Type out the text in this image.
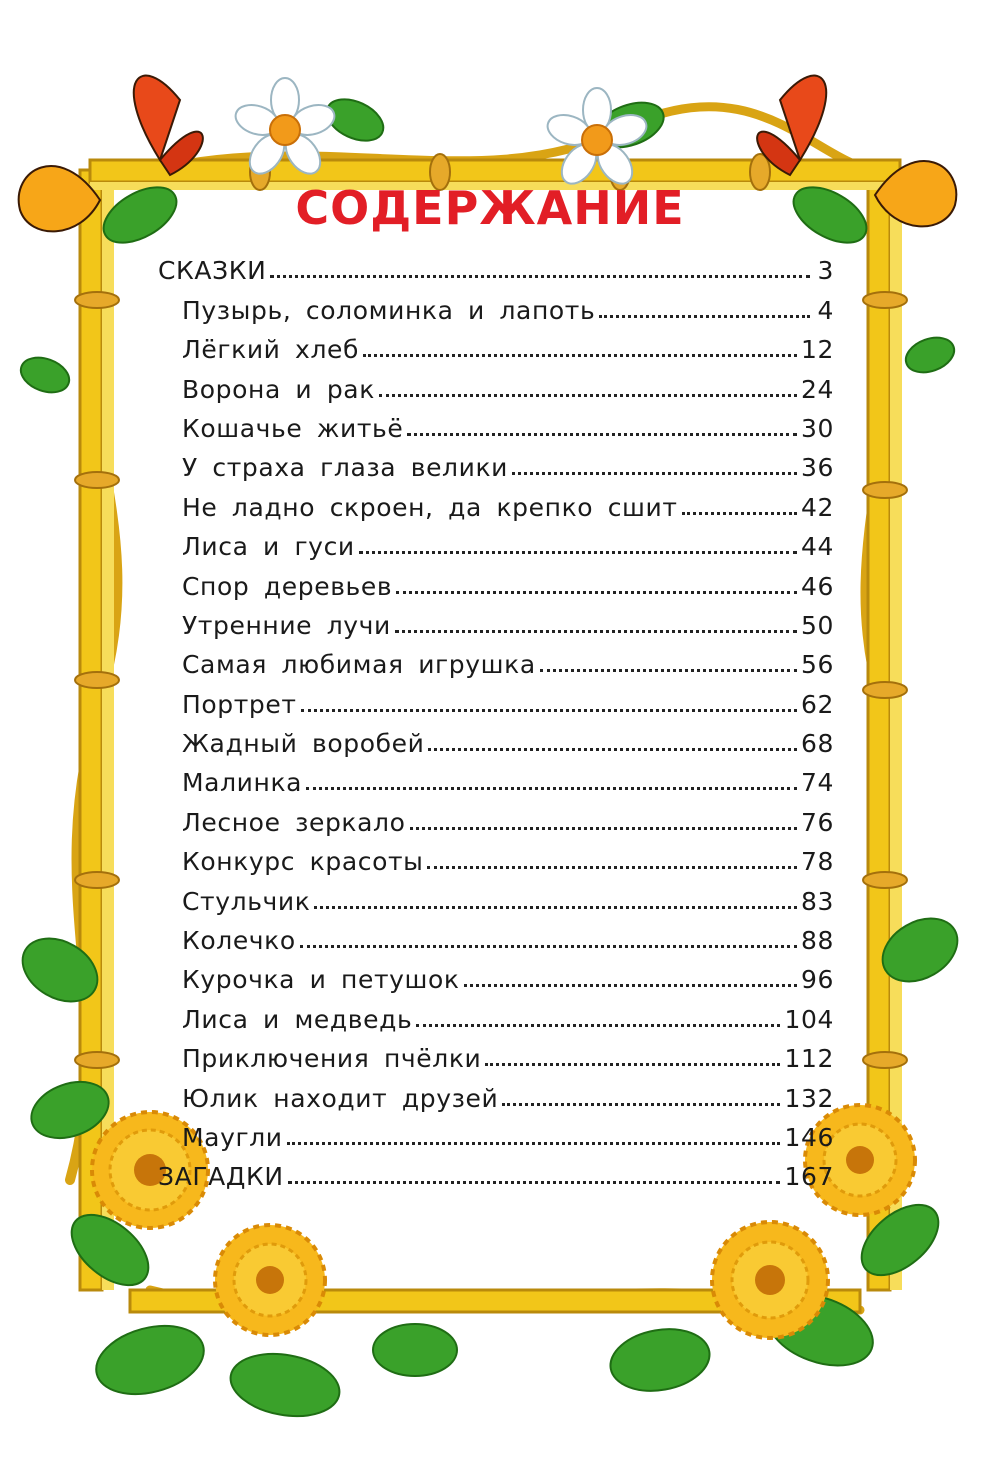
СОДЕРЖАНИЕ
СКАЗКИ	3
Пузырь, соломинка и лапоть	4
Лёгкий хлеб	12
Ворона и рак	24
Кошачье житьё	30
У страха глаза велики	36
Не ладно скроен, да крепко сшит	42
Лиса и гуси	44
Спор деревьев	46
Утренние лучи	50
Самая любимая игрушка	56
Портрет	62
Жадный воробей	68
Малинка	74
Лесное зеркало	76
Конкурс красоты	78
Стульчик	83
Колечко	88
Курочка и петушок	96
Лиса и медведь	104
Приключения пчёлки	112
Юлик находит друзей	132
Маугли	146
ЗАГАДКИ	167
